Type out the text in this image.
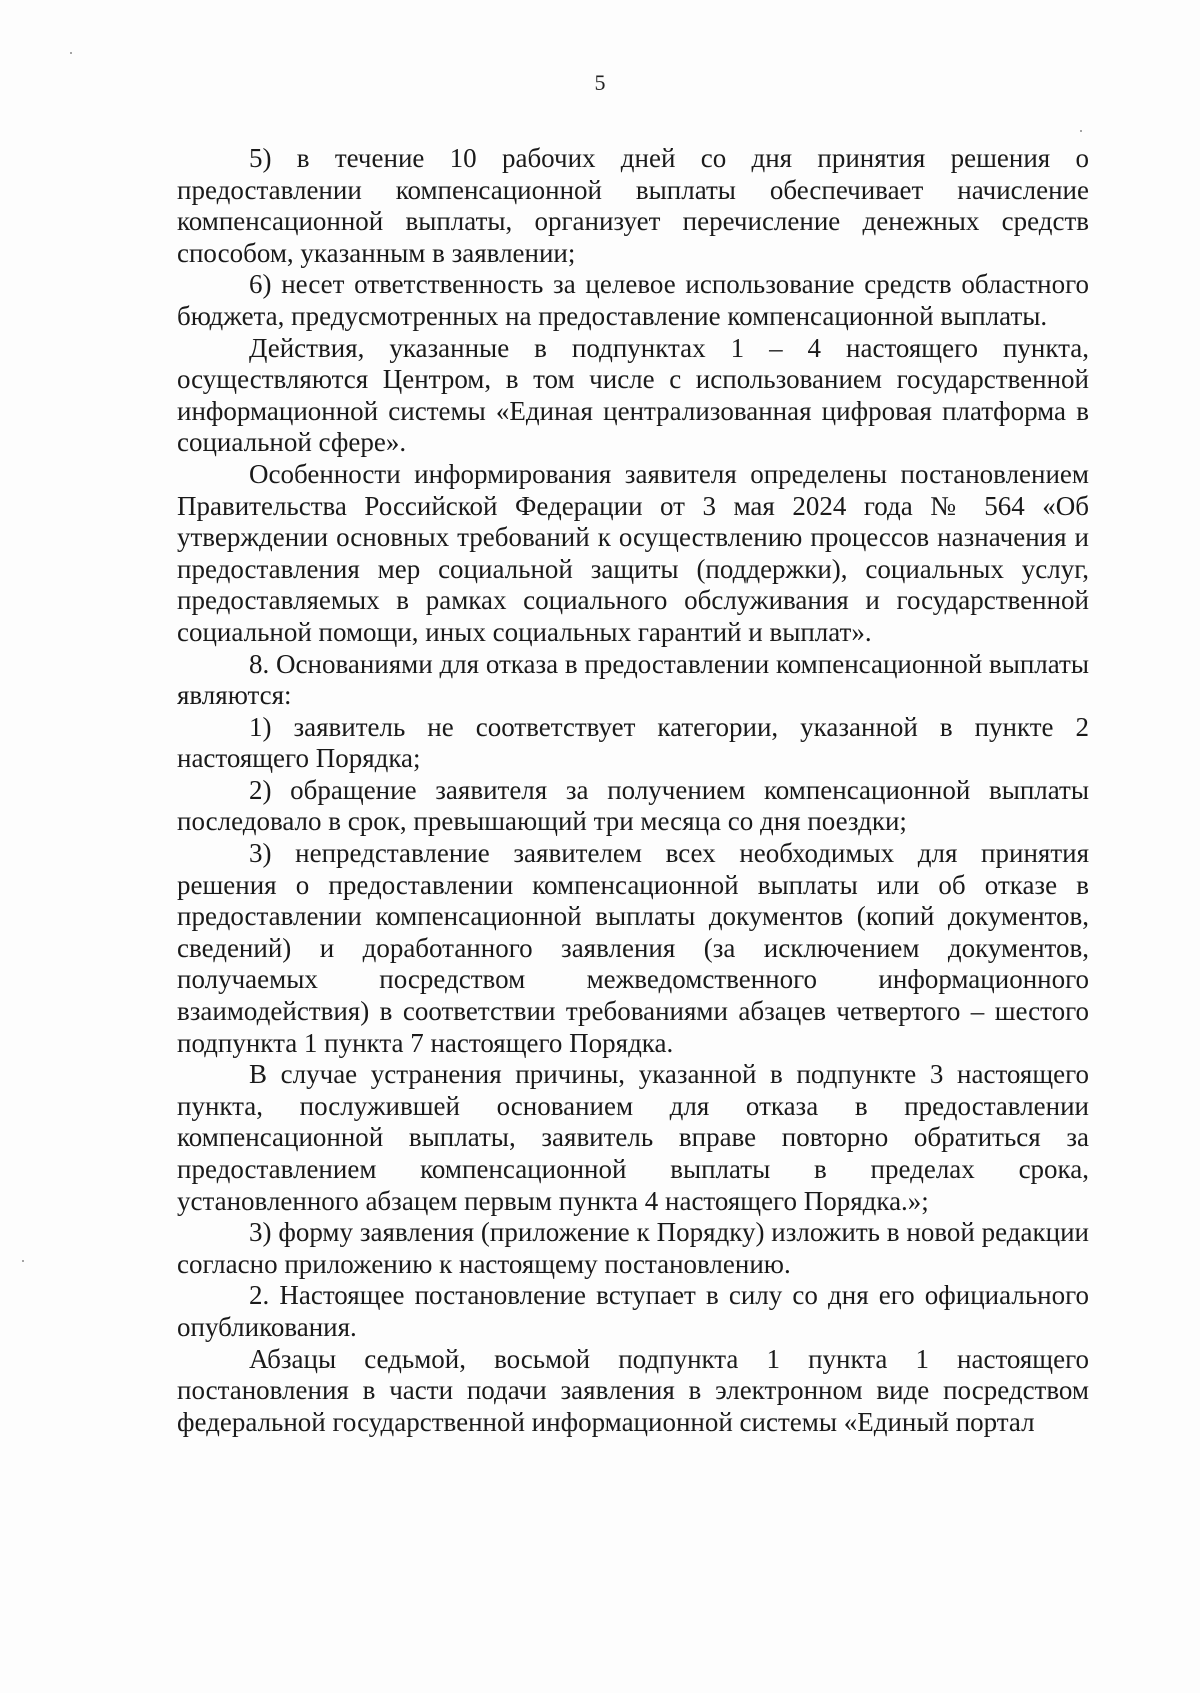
5

5) в течение 10 рабочих дней со дня принятия решения о предоставлении компенсационной выплаты обеспечивает начисление компенсационной выплаты, организует перечисление денежных средств способом, указанным в заявлении;

6) несет ответственность за целевое использование средств областного бюджета, предусмотренных на предоставление компенсационной выплаты.

Действия, указанные в подпунктах 1 – 4 настоящего пункта, осуществляются Центром, в том числе с использованием государственной информационной системы «Единая централизованная цифровая платформа в социальной сфере».

Особенности информирования заявителя определены постановлением Правительства Российской Федерации от 3 мая 2024 года № 564 «Об утверждении основных требований к осуществлению процессов назначения и предоставления мер социальной защиты (поддержки), социальных услуг, предоставляемых в рамках социального обслуживания и государственной социальной помощи, иных социальных гарантий и выплат».

8. Основаниями для отказа в предоставлении компенсационной выплаты являются:

1) заявитель не соответствует категории, указанной в пункте 2 настоящего Порядка;

2) обращение заявителя за получением компенсационной выплаты последовало в срок, превышающий три месяца со дня поездки;

3) непредставление заявителем всех необходимых для принятия решения о предоставлении компенсационной выплаты или об отказе в предоставлении компенсационной выплаты документов (копий документов, сведений) и доработанного заявления (за исключением документов, получаемых посредством межведомственного информационного взаимодействия) в соответствии требованиями абзацев четвертого – шестого подпункта 1 пункта 7 настоящего Порядка.

В случае устранения причины, указанной в подпункте 3 настоящего пункта, послужившей основанием для отказа в предоставлении компенсационной выплаты, заявитель вправе повторно обратиться за предоставлением компенсационной выплаты в пределах срока, установленного абзацем первым пункта 4 настоящего Порядка.»;

3) форму заявления (приложение к Порядку) изложить в новой редакции согласно приложению к настоящему постановлению.

2. Настоящее постановление вступает в силу со дня его официального опубликования.

Абзацы седьмой, восьмой подпункта 1 пункта 1 настоящего постановления в части подачи заявления в электронном виде посредством федеральной государственной информационной системы «Единый портал
